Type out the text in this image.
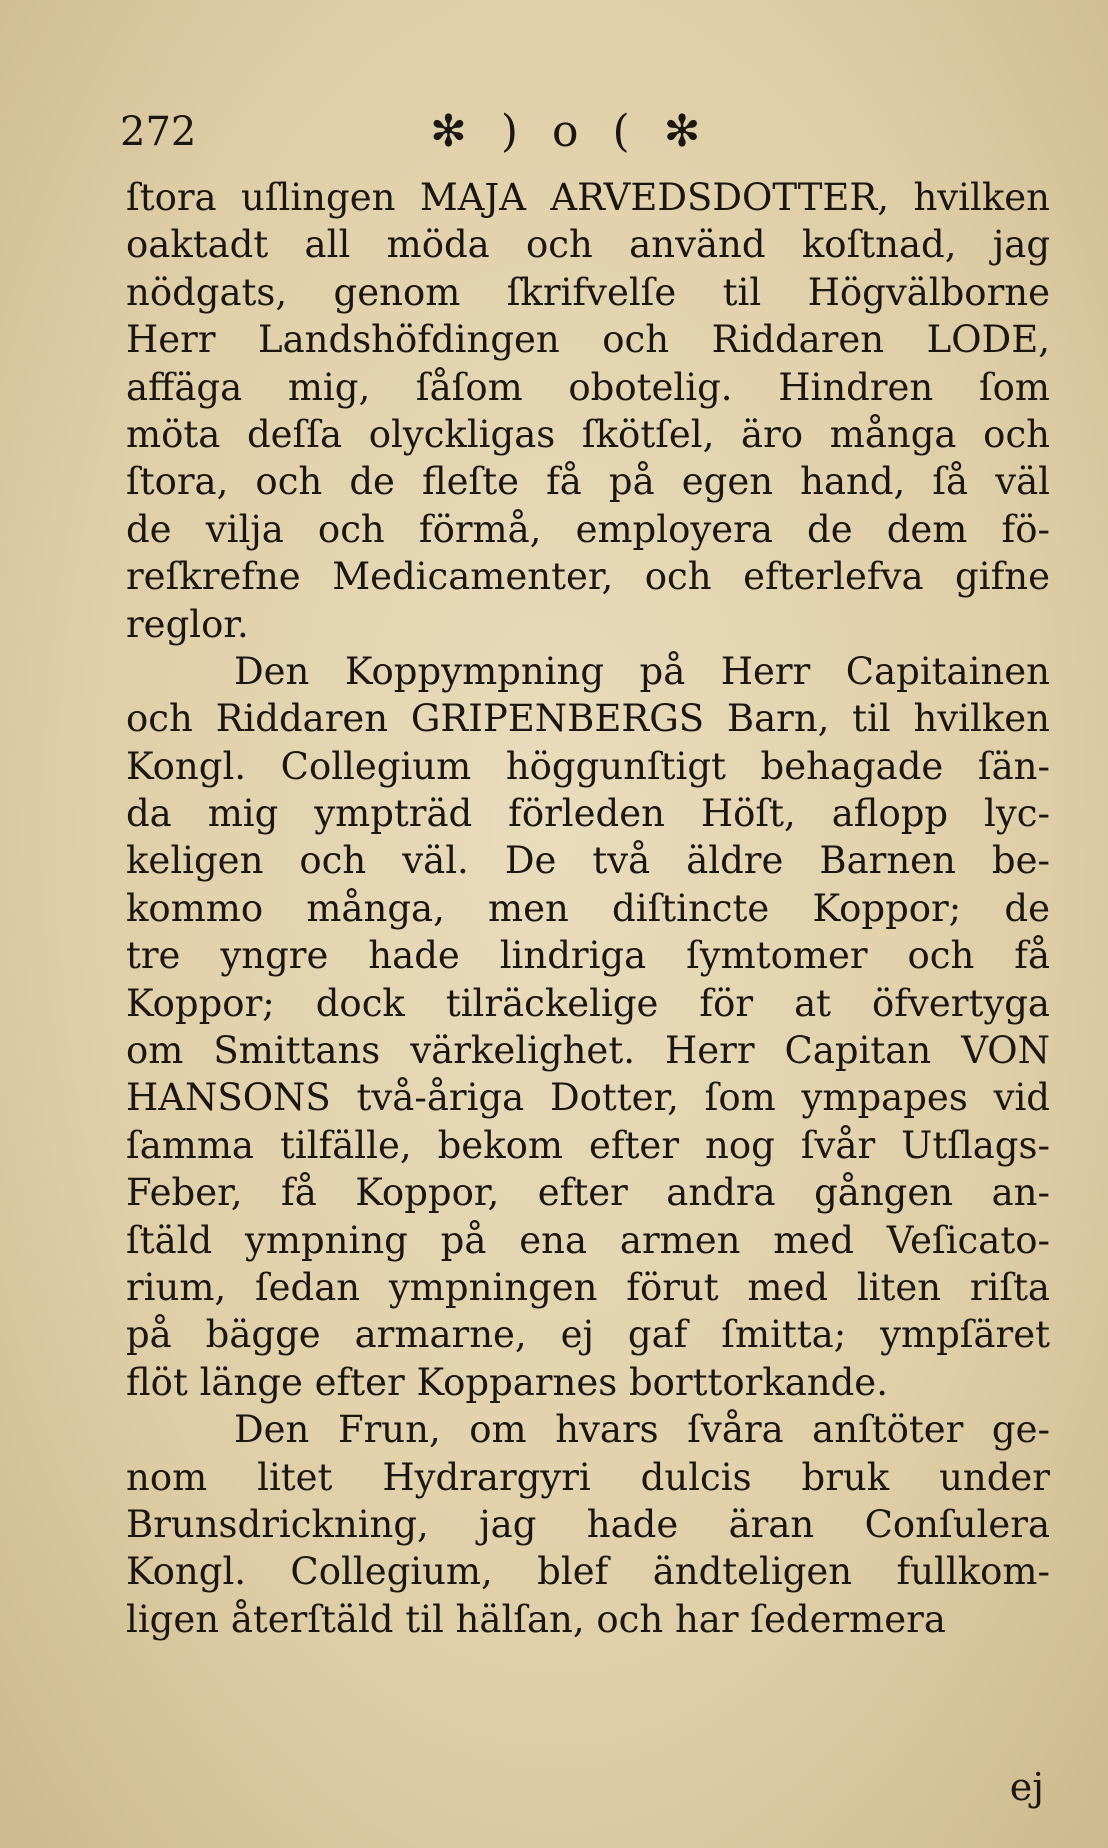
272	✻ ) o ( ✻
ſtora uſlingen MAJA ARVEDSDOTTER, hvilken
oaktadt all möda och använd koſtnad, jag
nödgats, genom ſkrifvelſe til Högvälborne
Herr Landshöfdingen och Riddaren LODE,
affäga mig, ſåſom obotelig. Hindren ſom
möta deſſa olyckligas ſkötſel, äro många och
ſtora, och de fleſte få på egen hand, ſå väl
de vilja och förmå, employera de dem fö-
reſkrefne Medicamenter, och efterlefva gifne
reglor.
Den Koppympning på Herr Capitainen
och Riddaren GRIPENBERGS Barn, til hvilken
Kongl. Collegium höggunſtigt behagade ſän-
da mig ympträd förleden Höſt, aflopp lyc-
keligen och väl. De två äldre Barnen be-
kommo många, men diſtincte Koppor; de
tre yngre hade lindriga ſymtomer och få
Koppor; dock tilräckelige för at öfvertyga
om Smittans värkelighet. Herr Capitan VON
HANSONS två-åriga Dotter, ſom ympapes vid
ſamma tilfälle, bekom efter nog ſvår Utſlags-
Feber, få Koppor, efter andra gången an-
ſtäld ympning på ena armen med Veſicato-
rium, ſedan ympningen förut med liten riſta
på bägge armarne, ej gaf ſmitta; ympſäret
flöt länge efter Kopparnes borttorkande.
Den Frun, om hvars ſvåra anſtöter ge-
nom litet Hydrargyri dulcis bruk under
Brunsdrickning, jag hade äran Conſulera
Kongl. Collegium, blef ändteligen fullkom-
ligen återſtäld til hälſan, och har ſedermera
ej
